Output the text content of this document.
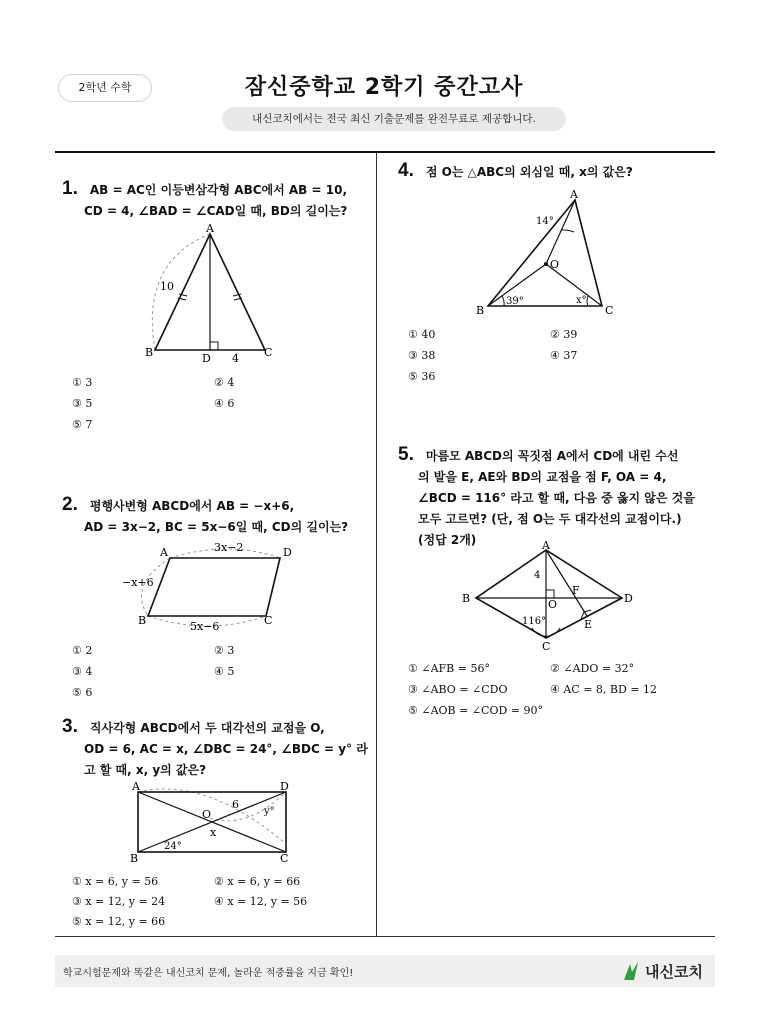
2학년 수학	잠신중학교 2학기 중간고사
내신코치에서는 전국 최신 기출문제를 완전무료로 제공합니다.
1. AB = AC인 이등변삼각형 ABC에서 AB = 10,
CD = 4, ∠BAD = ∠CAD일 때, BD의 길이는?
A
B	C
D
10
4
① 3	② 4
③ 5	④ 6
⑤ 7
2. 평행사변형 ABCD에서 AB = −x+6,
AD = 3x−2, BC = 5x−6일 때, CD의 길이는?
A
B	C
D
3x−2
−x+6
5x−6
① 2	② 3
③ 4	④ 5
⑤ 6
3. 직사각형 ABCD에서 두 대각선의 교점을 O,
OD = 6, AC = x, ∠DBC = 24°, ∠BDC = y° 라
고 할 때, x, y의 값은?
A
B	C
D
O
6
x
y°
24°
① x = 6, y = 56	② x = 6, y = 66
③ x = 12, y = 24	④ x = 12, y = 56
⑤ x = 12, y = 66
4. 점 O는 △ABC의 외심일 때, x의 값은?
A
B	C
O
14°
39°	x°
① 40	② 39
③ 38	④ 37
⑤ 36
5. 마름모 ABCD의 꼭짓점 A에서 CD에 내린 수선
의 발을 E, AE와 BD의 교점을 점 F, OA = 4,
∠BCD = 116° 라고 할 때, 다음 중 옳지 않은 것을
모두 고르면? (단, 점 O는 두 대각선의 교점이다.)
(정답 2개)	A
B
C
D
O
F
E
4
116°
① ∠AFB = 56°	② ∠ADO = 32°
③ ∠ABO = ∠CDO	④ AC = 8, BD = 12
⑤ ∠AOB = ∠COD = 90°
학교시험문제와 똑같은 내신코치 문제, 놀라운 적중률을 지금 확인!	내신코치
